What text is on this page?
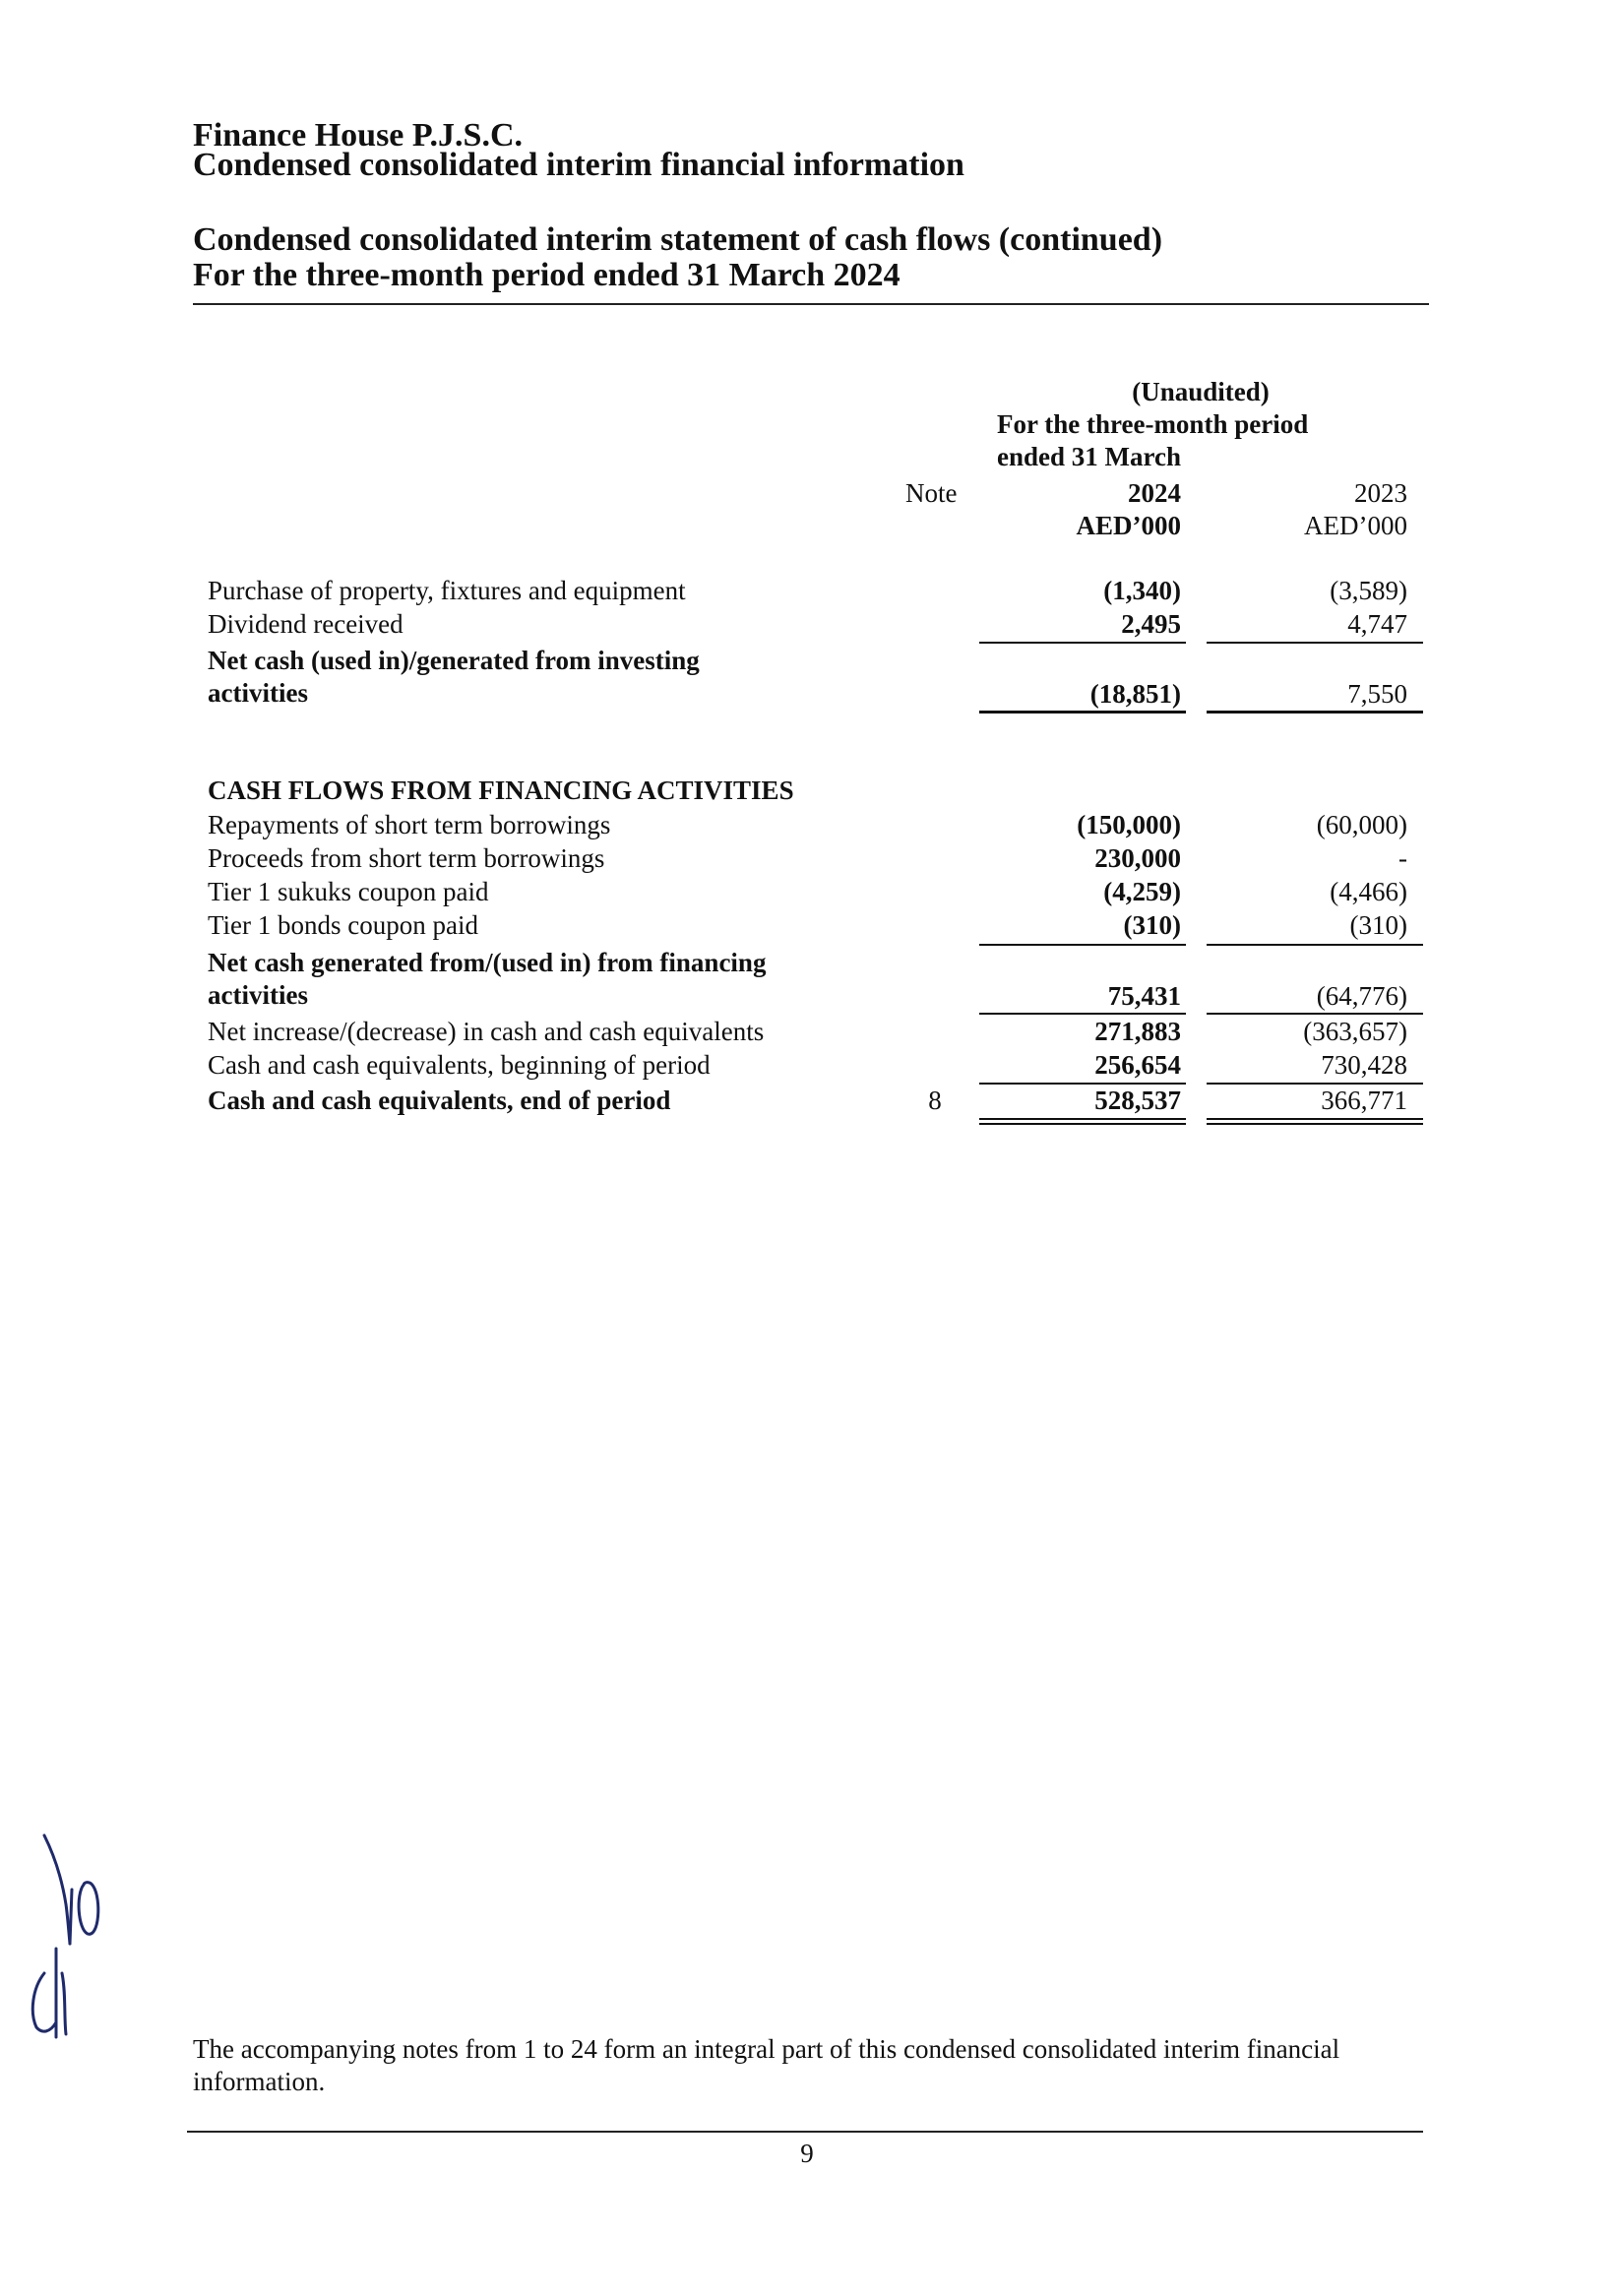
Finance House P.J.S.C.
Condensed consolidated interim financial information
Condensed consolidated interim statement of cash flows (continued)
For the three-month period ended 31 March 2024
(Unaudited)
For the three-month period
ended 31 March
Note	2024	2023
AED’000	AED’000
Purchase of property, fixtures and equipment	(1,340)	(3,589)
Dividend received	2,495	4,747
Net cash (used in)/generated from investing
activities	(18,851)	7,550
CASH FLOWS FROM FINANCING ACTIVITIES
Repayments of short term borrowings	(150,000)	(60,000)
Proceeds from short term borrowings	230,000	-
Tier 1 sukuks coupon paid	(4,259)	(4,466)
Tier 1 bonds coupon paid	(310)	(310)
Net cash generated from/(used in) from financing
activities	75,431	(64,776)
Net increase/(decrease) in cash and cash equivalents	271,883	(363,657)
Cash and cash equivalents, beginning of period	256,654	730,428
Cash and cash equivalents, end of period	8	528,537	366,771
The accompanying notes from 1 to 24 form an integral part of this condensed consolidated interim financial information.
9
